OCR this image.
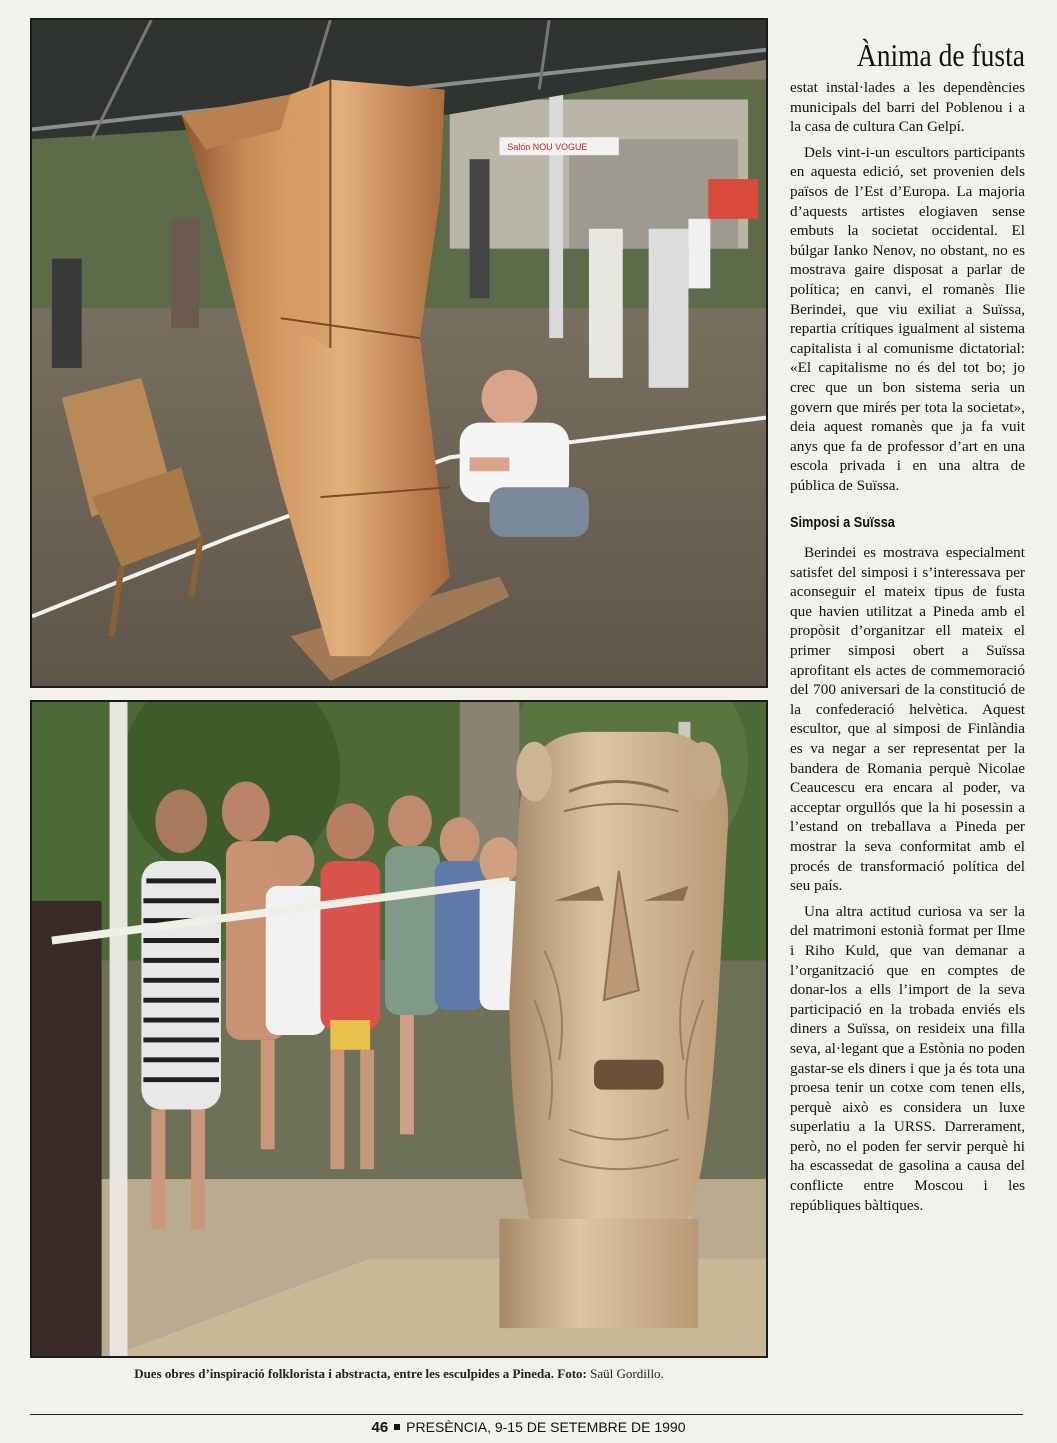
Salón NOU VOGUE
Dues obres d’inspiració folklorista i abstracta, entre les esculpides a Pineda. Foto: Saül Gordillo.
Ànima de fusta

estat instal·lades a les dependències municipals del barri del Poblenou i a la casa de cultura Can Gelpí.

Dels vint-i-un escultors participants en aquesta edició, set provenien dels països de l’Est d’Europa. La majoria d’aquests artistes elogiaven sense embuts la societat occidental. El búlgar Ianko Nenov, no obstant, no es mostrava gaire disposat a parlar de política; en canvi, el romanès Ilie Berindei, que viu exiliat a Suïssa, repartia crítiques igualment al sistema capitalista i al comunisme dictatorial: «El capitalisme no és del tot bo; jo crec que un bon sistema seria un govern que mirés per tota la societat», deia aquest romanès que ja fa vuit anys que fa de professor d’art en una escola privada i en una altra de pública de Suïssa.

Simposi a Suïssa

Berindei es mostrava especialment satisfet del simposi i s’interessava per aconseguir el mateix tipus de fusta que havien utilitzat a Pineda amb el propòsit d’organitzar ell mateix el primer simposi obert a Suïssa aprofitant els actes de commemoració del 700 aniversari de la constitució de la confederació helvètica. Aquest escultor, que al simposi de Finlàndia es va negar a ser representat per la bandera de Romania perquè Nicolae Ceaucescu era encara al poder, va acceptar orgullós que la hi posessin a l’estand on treballava a Pineda per mostrar la seva conformitat amb el procés de transformació política del seu país.

Una altra actitud curiosa va ser la del matrimoni estonià format per Ilme i Riho Kuld, que van demanar a l’organització que en comptes de donar-los a ells l’import de la seva participació en la trobada enviés els diners a Suïssa, on resideix una filla seva, al·legant que a Estònia no poden gastar-se els diners i que ja és tota una proesa tenir un cotxe com tenen ells, perquè això es considera un luxe superlatiu a la URSS. Darrerament, però, no el poden fer servir perquè hi ha escassedat de gasolina a causa del conflicte entre Moscou i les repúbliques bàltiques.

46 PRESÈNCIA, 9-15 DE SETEMBRE DE 1990
